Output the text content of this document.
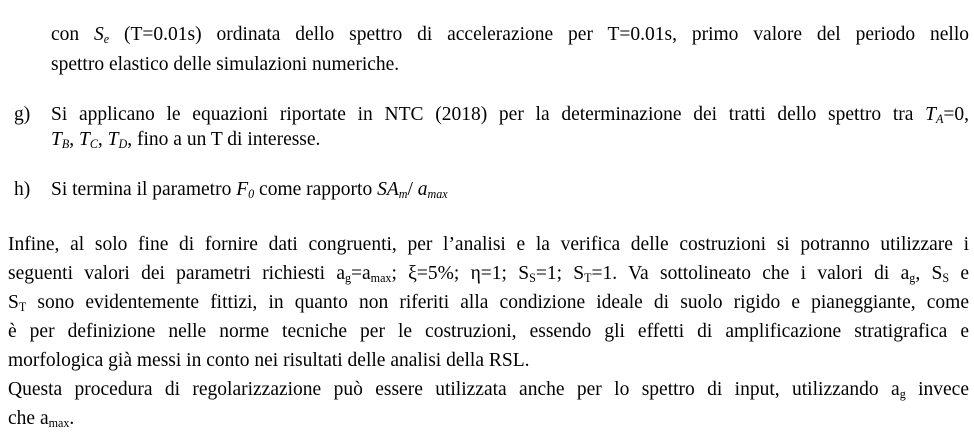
con $S_e$ (T=0.01s) ordinata dello spettro di accelerazione per T=0.01s, primo valore del periodo nello
spettro elastico delle simulazioni numeriche.
g) Si applicano le equazioni riportate in NTC (2018) per la determinazione dei tratti dello spettro tra $T_A=0$,
$T_B$, $T_C$, $T_D$, fino a un T di interesse.
h) Si termina il parametro $F_0$ come rapporto $SA_m/$ $a_{max}$
Infine, al solo fine di fornire dati congruenti, per l’analisi e la verifica delle costruzioni si potranno utilizzare i
seguenti valori dei parametri richiesti $a_g=a_{max}$; ξ=5%; η=1; $S_S=1$; $S_T=1$. Va sottolineato che i valori di $a_g$, $S_S$ e
$S_T$ sono evidentemente fittizi, in quanto non riferiti alla condizione ideale di suolo rigido e pianeggiante, come
è per definizione nelle norme tecniche per le costruzioni, essendo gli effetti di amplificazione stratigrafica e
morfologica già messi in conto nei risultati delle analisi della RSL.
Questa procedura di regolarizzazione può essere utilizzata anche per lo spettro di input, utilizzando $a_g$ invece
che $a_{max}$.
